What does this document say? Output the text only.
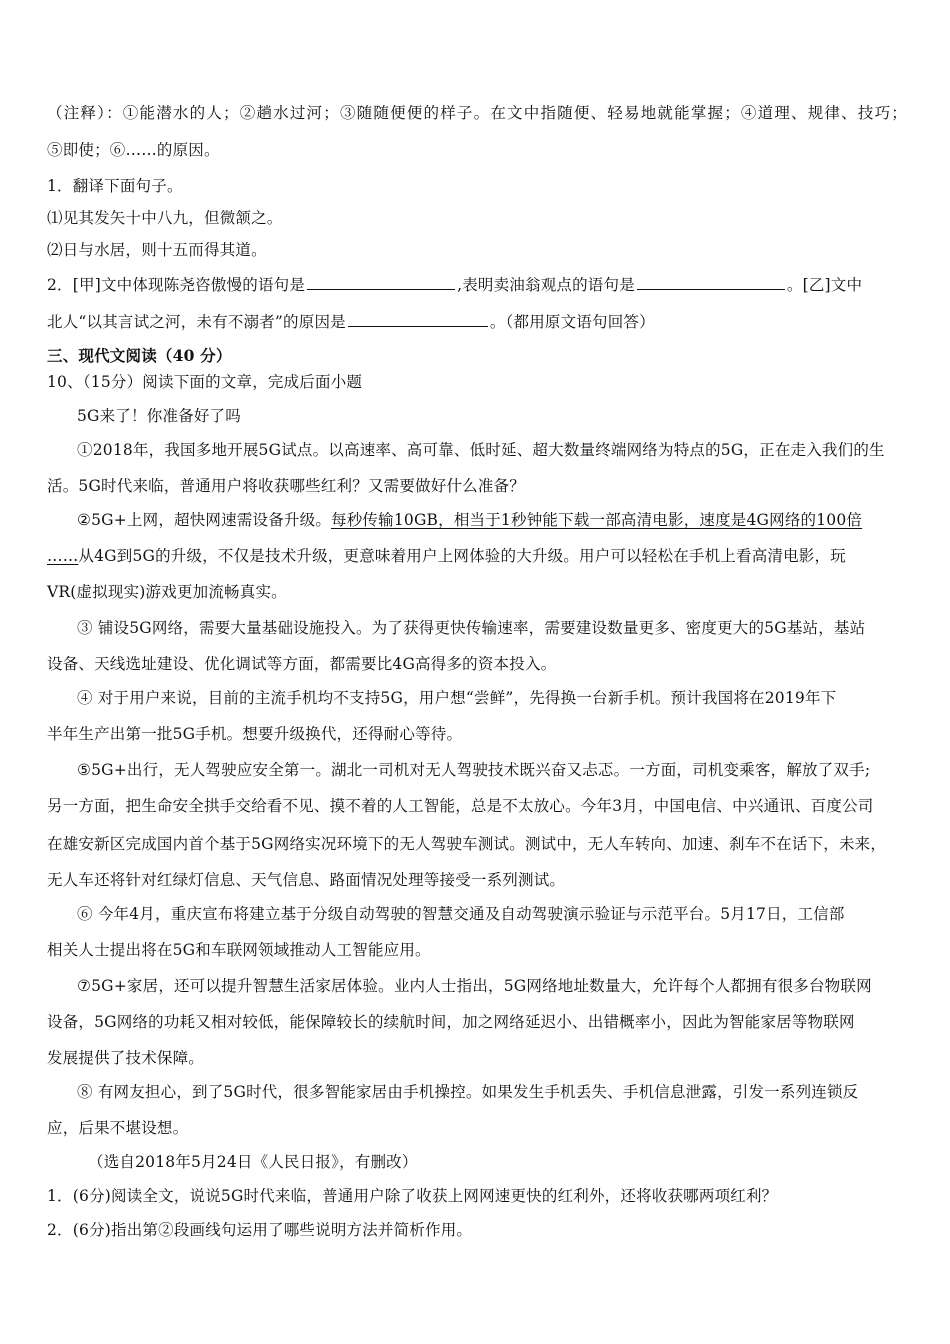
（注释）：①能潜水的人；②趟水过河；③随随便便的样子。在文中指随便、轻易地就能掌握；④道理、规律、技巧；
⑤即使；⑥……的原因。
1．翻译下面句子。
⑴见其发矢十中八九，但微颔之。
⑵日与水居，则十五而得其道。
2．[甲]文中体现陈尧咨傲慢的语句是	,表明卖油翁观点的语句是	。[乙]文中
北人“以其言试之河，未有不溺者”的原因是	。（都用原文语句回答）
三、现代文阅读（40 分）
10、（15分）阅读下面的文章，完成后面小题
5G来了！你准备好了吗
①2018年，我国多地开展5G试点。以高速率、高可靠、低时延、超大数量终端网络为特点的5G，正在走入我们的生
活。5G时代来临，普通用户将收获哪些红利？又需要做好什么准备？
②5G+上网，超快网速需设备升级。每秒传输10GB，相当于1秒钟能下载一部高清电影，速度是4G网络的100倍
……从4G到5G的升级，不仅是技术升级，更意味着用户上网体验的大升级。用户可以轻松在手机上看高清电影，玩
VR(虚拟现实)游戏更加流畅真实。
③ 铺设5G网络，需要大量基础设施投入。为了获得更快传输速率，需要建设数量更多、密度更大的5G基站，基站
设备、天线选址建设、优化调试等方面，都需要比4G高得多的资本投入。
④ 对于用户来说，目前的主流手机均不支持5G，用户想“尝鲜”，先得换一台新手机。预计我国将在2019年下
半年生产出第一批5G手机。想要升级换代，还得耐心等待。
⑤5G+出行，无人驾驶应安全第一。湖北一司机对无人驾驶技术既兴奋又忐忑。一方面，司机变乘客，解放了双手;
另一方面，把生命安全拱手交给看不见、摸不着的人工智能，总是不太放心。今年3月，中国电信、中兴通讯、百度公司
在雄安新区完成国内首个基于5G网络实况环境下的无人驾驶车测试。测试中，无人车转向、加速、刹车不在话下，未来，
无人车还将针对红绿灯信息、天气信息、路面情况处理等接受一系列测试。
⑥ 今年4月，重庆宣布将建立基于分级自动驾驶的智慧交通及自动驾驶演示验证与示范平台。5月17日，工信部
相关人士提出将在5G和车联网领域推动人工智能应用。
⑦5G+家居，还可以提升智慧生活家居体验。业内人士指出，5G网络地址数量大，允许每个人都拥有很多台物联网
设备，5G网络的功耗又相对较低，能保障较长的续航时间，加之网络延迟小、出错概率小，因此为智能家居等物联网
发展提供了技术保障。
⑧ 有网友担心，到了5G时代，很多智能家居由手机操控。如果发生手机丢失、手机信息泄露，引发一系列连锁反
应，后果不堪设想。
（选自2018年5月24日《人民日报》，有删改）
1．(6分)阅读全文，说说5G时代来临，普通用户除了收获上网网速更快的红利外，还将收获哪两项红利？
2．(6分)指出第②段画线句运用了哪些说明方法并简析作用。
